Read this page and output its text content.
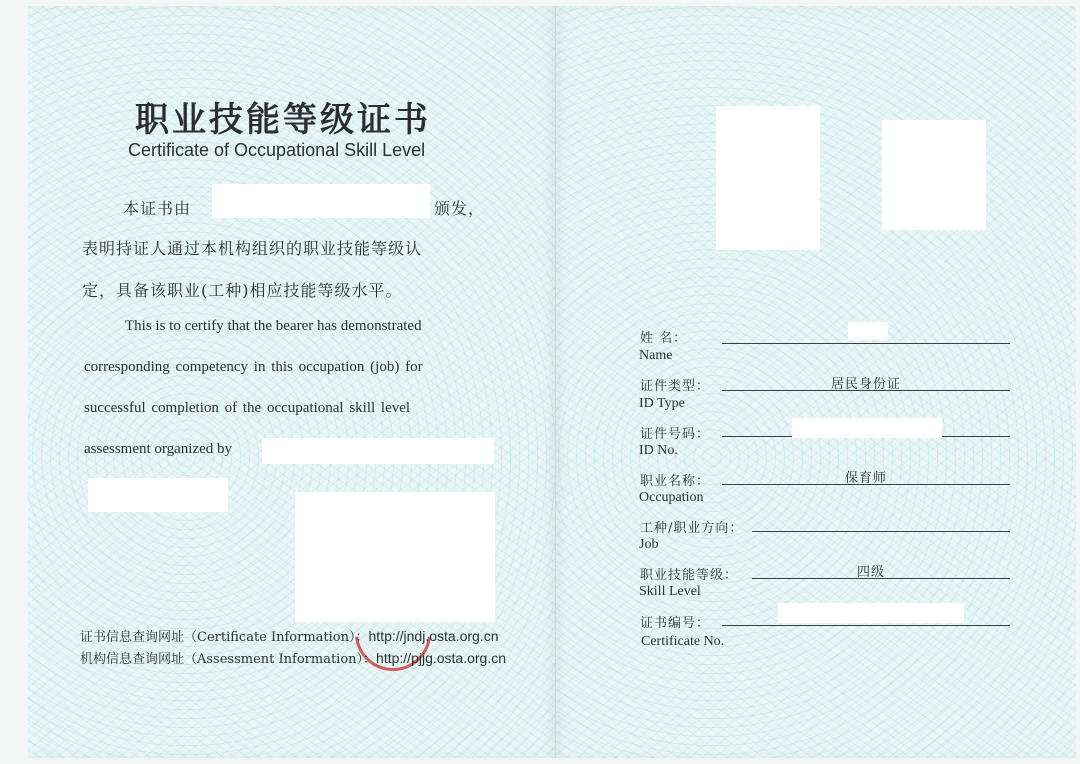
职业技能等级证书
Certificate of Occupational Skill Level
本证书由	颁发，
表明持证人通过本机构组织的职业技能等级认
定，具备该职业(工种)相应技能等级水平。
This is to certify that the bearer has demonstrated
corresponding competency in this occupation (job) for
successful completion of the occupational skill level
assessment organized by
证书信息查询网址（Certificate Information）：http://jndj.osta.org.cn
机构信息查询网址（Assessment Information）：http://pjjg.osta.org.cn
姓 名：
Name
证件类型：
ID Type
居民身份证
证件号码：
ID No.
职业名称：
Occupation
保育师
工种/职业方向：
Job
职业技能等级：
Skill Level
四级
证书编号：
Certificate No.
